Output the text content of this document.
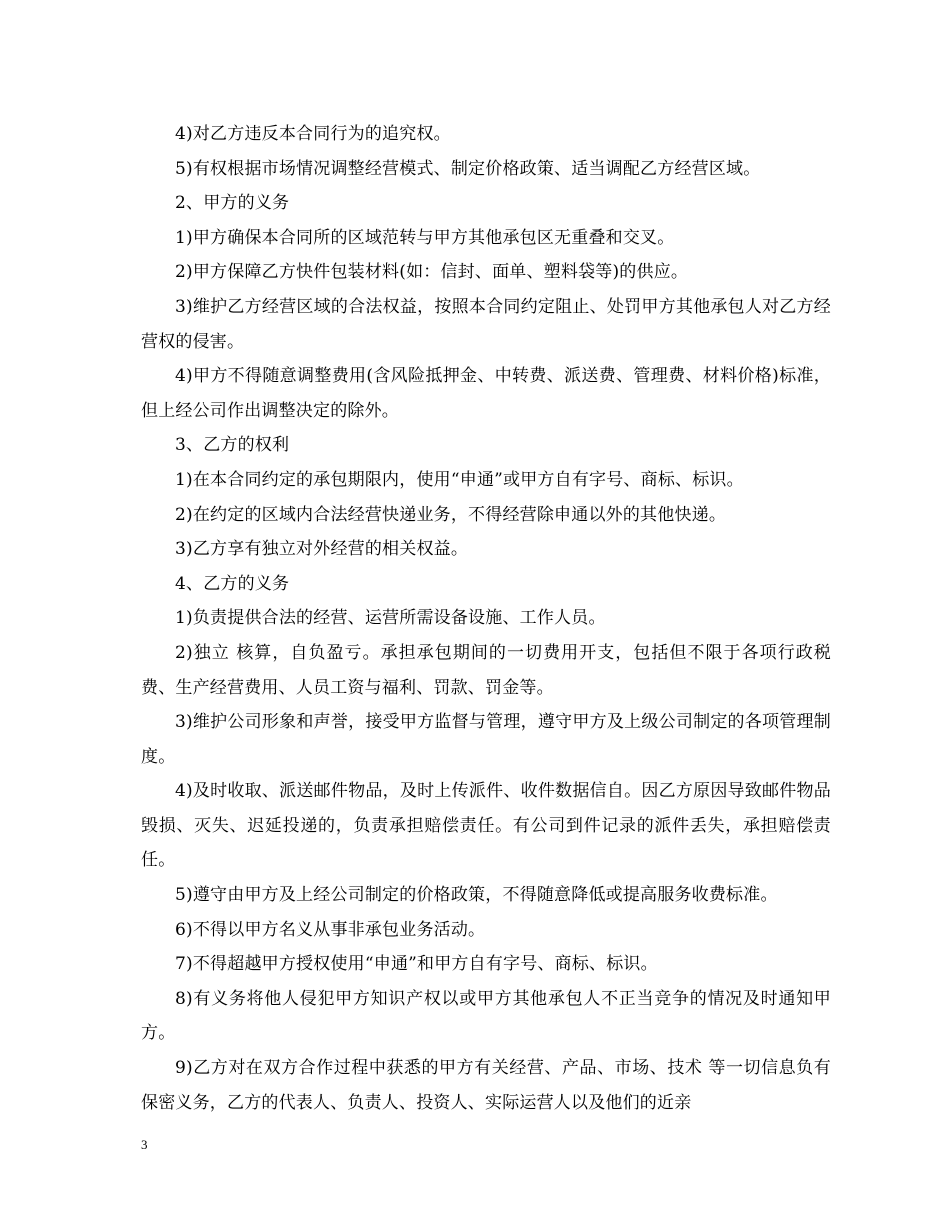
4)对乙方违反本合同行为的追究权。

5)有权根据市场情况调整经营模式、制定价格政策、适当调配乙方经营区域。

2、甲方的义务

1)甲方确保本合同所的区域范转与甲方其他承包区无重叠和交叉。

2)甲方保障乙方快件包装材料(如：信封、面单、塑料袋等)的供应。

3)维护乙方经营区域的合法权益，按照本合同约定阻止、处罚甲方其他承包人对乙方经营权的侵害。

4)甲方不得随意调整费用(含风险抵押金、中转费、派送费、管理费、材料价格)标准，但上经公司作出调整决定的除外。

3、乙方的权利

1)在本合同约定的承包期限内，使用“申通”或甲方自有字号、商标、标识。

2)在约定的区域内合法经营快递业务，不得经营除申通以外的其他快递。

3)乙方享有独立对外经营的相关权益。

4、乙方的义务

1)负责提供合法的经营、运营所需设备设施、工作人员。

2)独立 核算，自负盈亏。承担承包期间的一切费用开支，包括但不限于各项行政税费、生产经营费用、人员工资与福利、罚款、罚金等。

3)维护公司形象和声誉，接受甲方监督与管理，遵守甲方及上级公司制定的各项管理制度。

4)及时收取、派送邮件物品，及时上传派件、收件数据信自。因乙方原因导致邮件物品毁损、灭失、迟延投递的，负责承担赔偿责任。有公司到件记录的派件丢失，承担赔偿责任。

5)遵守由甲方及上经公司制定的价格政策，不得随意降低或提高服务收费标准。

6)不得以甲方名义从事非承包业务活动。

7)不得超越甲方授权使用“申通”和甲方自有字号、商标、标识。

8)有义务将他人侵犯甲方知识产权以或甲方其他承包人不正当竞争的情况及时通知甲方。

9)乙方对在双方合作过程中获悉的甲方有关经营、产品、市场、技术 等一切信息负有保密义务，乙方的代表人、负责人、投资人、实际运营人以及他们的近亲

3
